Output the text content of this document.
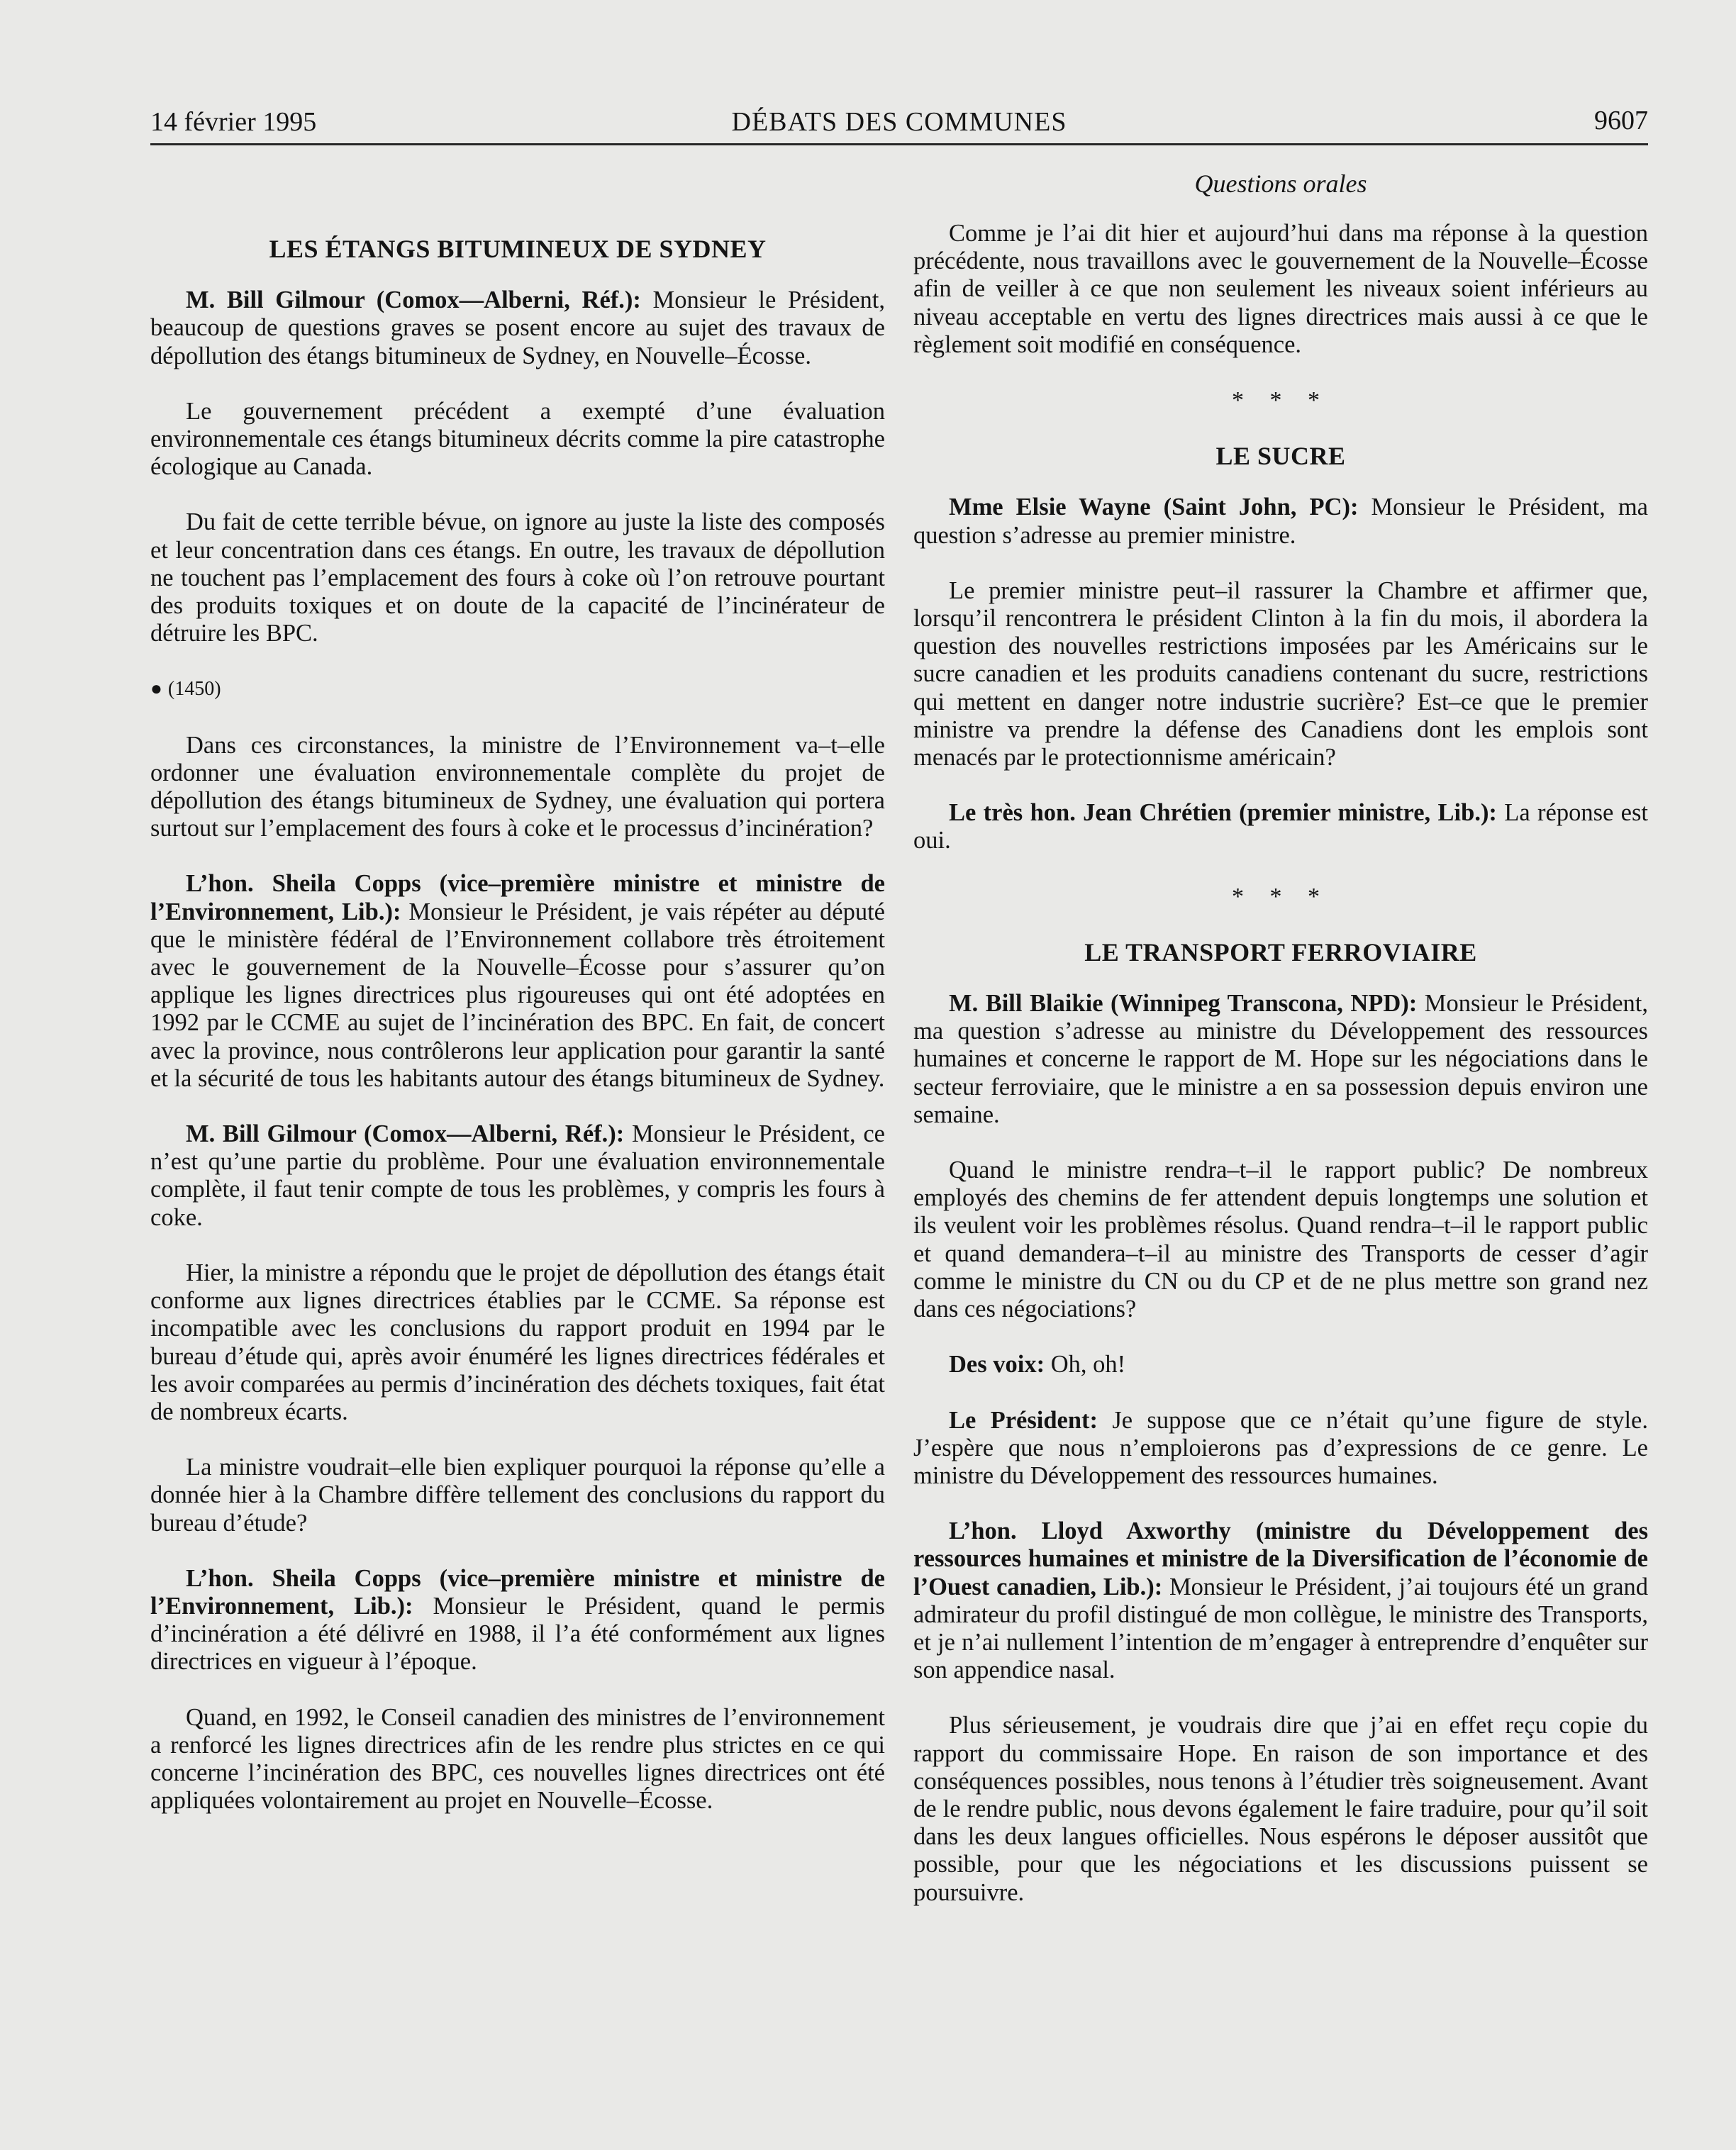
14 février 1995	DÉBATS DES COMMUNES	9607
LES ÉTANGS BITUMINEUX DE SYDNEY

M. Bill Gilmour (Comox—Alberni, Réf.): Monsieur le Président, beaucoup de questions graves se posent encore au sujet des travaux de dépollution des étangs bitumineux de Sydney, en Nouvelle–Écosse.

Le gouvernement précédent a exempté d’une évaluation environnementale ces étangs bitumineux décrits comme la pire catastrophe écologique au Canada.

Du fait de cette terrible bévue, on ignore au juste la liste des composés et leur concentration dans ces étangs. En outre, les travaux de dépollution ne touchent pas l’emplacement des fours à coke où l’on retrouve pourtant des produits toxiques et on doute de la capacité de l’incinérateur de détruire les BPC.

● (1450)

Dans ces circonstances, la ministre de l’Environnement va–t–elle ordonner une évaluation environnementale complète du projet de dépollution des étangs bitumineux de Sydney, une évaluation qui portera surtout sur l’emplacement des fours à coke et le processus d’incinération?

L’hon. Sheila Copps (vice–première ministre et ministre de l’Environnement, Lib.): Monsieur le Président, je vais répéter au député que le ministère fédéral de l’Environnement collabore très étroitement avec le gouvernement de la Nouvelle–Écosse pour s’assurer qu’on applique les lignes directrices plus rigoureuses qui ont été adoptées en 1992 par le CCME au sujet de l’incinération des BPC. En fait, de concert avec la province, nous contrôlerons leur application pour garantir la santé et la sécurité de tous les habitants autour des étangs bitumineux de Sydney.

M. Bill Gilmour (Comox—Alberni, Réf.): Monsieur le Président, ce n’est qu’une partie du problème. Pour une évaluation environnementale complète, il faut tenir compte de tous les problèmes, y compris les fours à coke.

Hier, la ministre a répondu que le projet de dépollution des étangs était conforme aux lignes directrices établies par le CCME. Sa réponse est incompatible avec les conclusions du rapport produit en 1994 par le bureau d’étude qui, après avoir énuméré les lignes directrices fédérales et les avoir comparées au permis d’incinération des déchets toxiques, fait état de nombreux écarts.

La ministre voudrait–elle bien expliquer pourquoi la réponse qu’elle a donnée hier à la Chambre diffère tellement des conclusions du rapport du bureau d’étude?

L’hon. Sheila Copps (vice–première ministre et ministre de l’Environnement, Lib.): Monsieur le Président, quand le permis d’incinération a été délivré en 1988, il l’a été conformément aux lignes directrices en vigueur à l’époque.

Quand, en 1992, le Conseil canadien des ministres de l’environnement a renforcé les lignes directrices afin de les rendre plus strictes en ce qui concerne l’incinération des BPC, ces nouvelles lignes directrices ont été appliquées volontairement au projet en Nouvelle–Écosse.

Questions orales

Comme je l’ai dit hier et aujourd’hui dans ma réponse à la question précédente, nous travaillons avec le gouvernement de la Nouvelle–Écosse afin de veiller à ce que non seulement les niveaux soient inférieurs au niveau acceptable en vertu des lignes directrices mais aussi à ce que le règlement soit modifié en conséquence.

* * *
LE SUCRE

Mme Elsie Wayne (Saint John, PC): Monsieur le Président, ma question s’adresse au premier ministre.

Le premier ministre peut–il rassurer la Chambre et affirmer que, lorsqu’il rencontrera le président Clinton à la fin du mois, il abordera la question des nouvelles restrictions imposées par les Américains sur le sucre canadien et les produits canadiens contenant du sucre, restrictions qui mettent en danger notre industrie sucrière? Est–ce que le premier ministre va prendre la défense des Canadiens dont les emplois sont menacés par le protectionnisme américain?

Le très hon. Jean Chrétien (premier ministre, Lib.): La réponse est oui.

* * *
LE TRANSPORT FERROVIAIRE

M. Bill Blaikie (Winnipeg Transcona, NPD): Monsieur le Président, ma question s’adresse au ministre du Développement des ressources humaines et concerne le rapport de M. Hope sur les négociations dans le secteur ferroviaire, que le ministre a en sa possession depuis environ une semaine.

Quand le ministre rendra–t–il le rapport public? De nombreux employés des chemins de fer attendent depuis longtemps une solution et ils veulent voir les problèmes résolus. Quand rendra–t–il le rapport public et quand demandera–t–il au ministre des Transports de cesser d’agir comme le ministre du CN ou du CP et de ne plus mettre son grand nez dans ces négociations?

Des voix: Oh, oh!

Le Président: Je suppose que ce n’était qu’une figure de style. J’espère que nous n’emploierons pas d’expressions de ce genre. Le ministre du Développement des ressources humaines.

L’hon. Lloyd Axworthy (ministre du Développement des ressources humaines et ministre de la Diversification de l’économie de l’Ouest canadien, Lib.): Monsieur le Président, j’ai toujours été un grand admirateur du profil distingué de mon collègue, le ministre des Transports, et je n’ai nullement l’intention de m’engager à entreprendre d’enquêter sur son appendice nasal.

Plus sérieusement, je voudrais dire que j’ai en effet reçu copie du rapport du commissaire Hope. En raison de son importance et des conséquences possibles, nous tenons à l’étudier très soigneusement. Avant de le rendre public, nous devons également le faire traduire, pour qu’il soit dans les deux langues officielles. Nous espérons le déposer aussitôt que possible, pour que les négociations et les discussions puissent se poursuivre.
